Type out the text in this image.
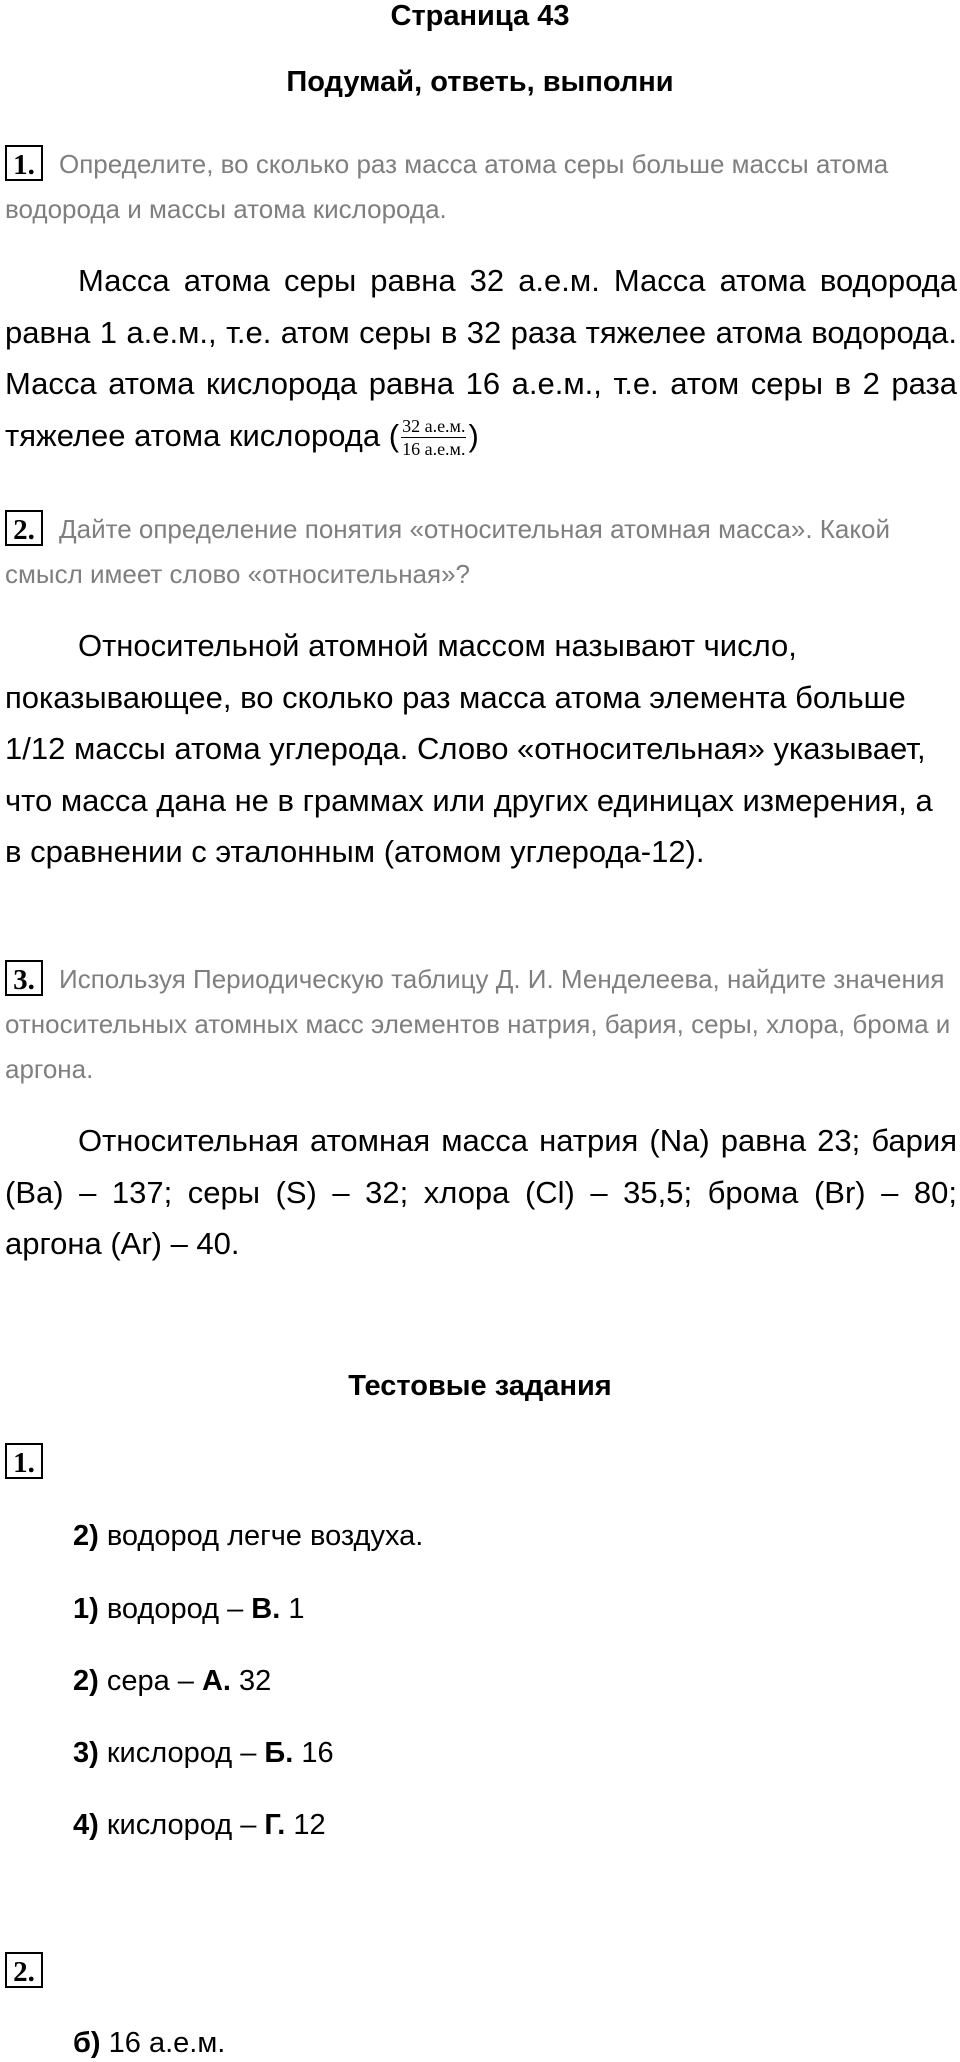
Страница 43
Подумай, ответь, выполни
1. Определите, во сколько раз масса атома серы больше массы атома водорода и массы атома кислорода.
Масса атома серы равна 32 а.е.м. Масса атома водорода равна 1 а.е.м., т.е. атом серы в 32 раза тяжелее атома водорода. Масса атома кислорода равна 16 а.е.м., т.е. атом серы в 2 раза тяжелее атома кислорода ( $\frac{32 а.е.м.}{16 а.е.м.}$ )
2. Дайте определение понятия «относительная атомная масса». Какой смысл имеет слово «относительная»?
Относительной атомной массом называют число, показывающее, во сколько раз масса атома элемента больше 1/12 массы атома углерода. Слово «относительная» указывает, что масса дана не в граммах или других единицах измерения, а в сравнении с эталонным (атомом углерода-12).
3. Используя Периодическую таблицу Д. И. Менделеева, найдите значения относительных атомных масс элементов натрия, бария, серы, хлора, брома и аргона.
Относительная атомная масса натрия (Na) равна 23; бария (Ba) – 137; серы (S) – 32; хлора (Cl) – 35,5; брома (Br) – 80; аргона (Ar) – 40.
Тестовые задания
1.
2) водород легче воздуха.
1) водород – В. 1
2) сера – А. 32
3) кислород – Б. 16
4) кислород – Г. 12
2.
б) 16 а.е.м.
